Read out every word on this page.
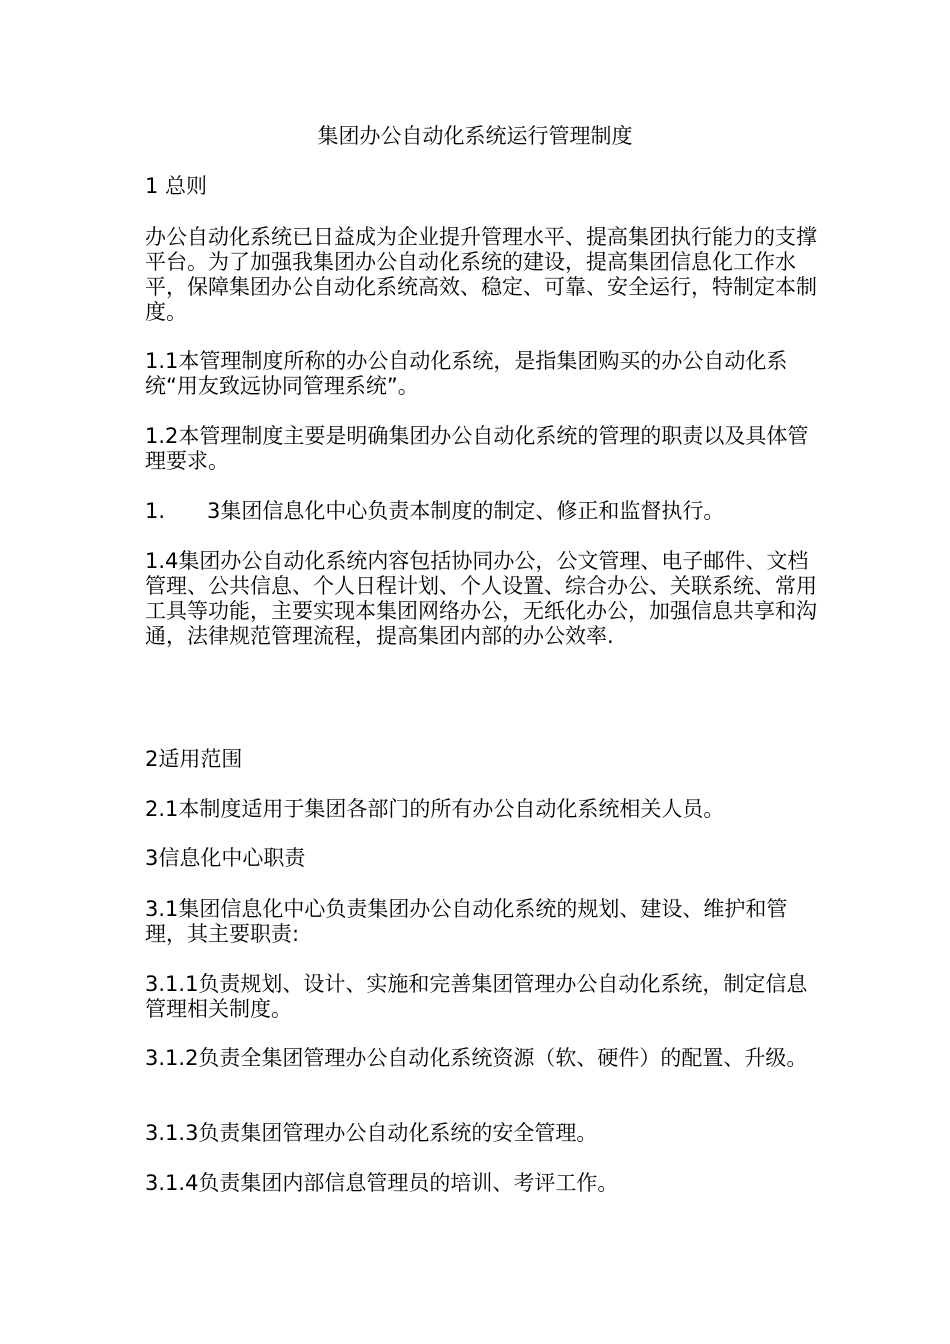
集团办公自动化系统运行管理制度

1 总则

办公自动化系统已日益成为企业提升管理水平、提高集团执行能力的支撑平台。为了加强我集团办公自动化系统的建设，提高集团信息化工作水平，保障集团办公自动化系统高效、稳定、可靠、安全运行，特制定本制度。

1.1本管理制度所称的办公自动化系统，是指集团购买的办公自动化系统“用友致远协同管理系统”。

1.2本管理制度主要是明确集团办公自动化系统的管理的职责以及具体管理要求。

1.　　3集团信息化中心负责本制度的制定、修正和监督执行。

1.4集团办公自动化系统内容包括协同办公，公文管理、电子邮件、文档管理、公共信息、个人日程计划、个人设置、综合办公、关联系统、常用工具等功能，主要实现本集团网络办公，无纸化办公，加强信息共享和沟通，法律规范管理流程，提高集团内部的办公效率.

2适用范围

2.1本制度适用于集团各部门的所有办公自动化系统相关人员。

3信息化中心职责

3.1集团信息化中心负责集团办公自动化系统的规划、建设、维护和管理，其主要职责:

3.1.1负责规划、设计、实施和完善集团管理办公自动化系统，制定信息管理相关制度。

3.1.2负责全集团管理办公自动化系统资源（软、硬件）的配置、升级。

3.1.3负责集团管理办公自动化系统的安全管理。

3.1.4负责集团内部信息管理员的培训、考评工作。
